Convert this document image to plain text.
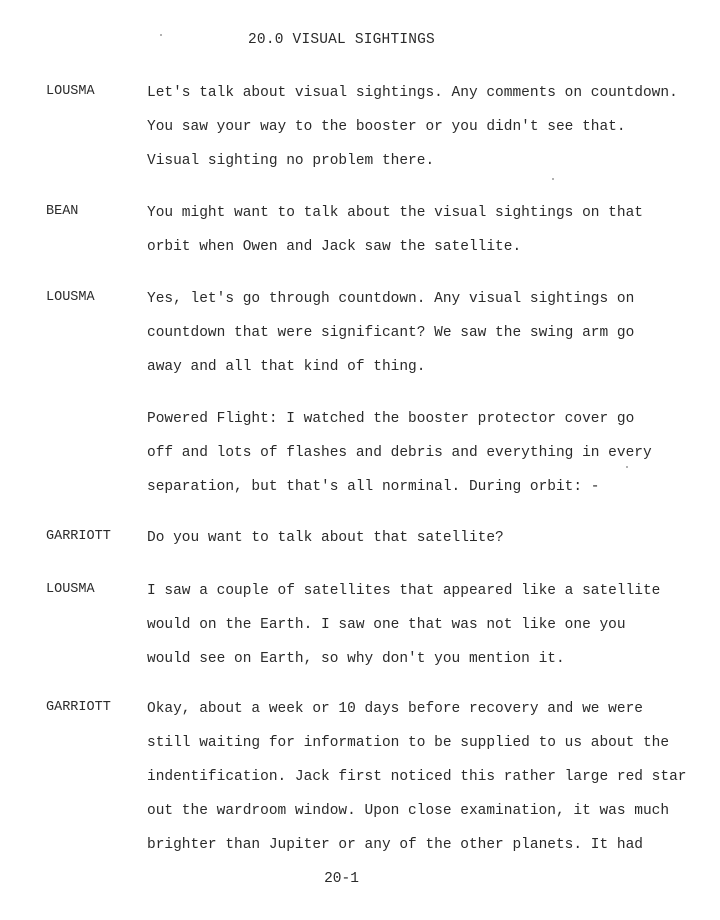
20.0 VISUAL SIGHTINGS
LOUSMA	Let's talk about visual sightings. Any comments on countdown.
You saw your way to the booster or you didn't see that.
Visual sighting no problem there.
BEAN	You might want to talk about the visual sightings on that
orbit when Owen and Jack saw the satellite.
LOUSMA	Yes, let's go through countdown. Any visual sightings on
countdown that were significant? We saw the swing arm go
away and all that kind of thing.
Powered Flight: I watched the booster protector cover go
off and lots of flashes and debris and everything in every
separation, but that's all norminal. During orbit: -
GARRIOTT	Do you want to talk about that satellite?
LOUSMA	I saw a couple of satellites that appeared like a satellite
would on the Earth. I saw one that was not like one you
would see on Earth, so why don't you mention it.
GARRIOTT	Okay, about a week or 10 days before recovery and we were
still waiting for information to be supplied to us about the
indentification. Jack first noticed this rather large red star
out the wardroom window. Upon close examination, it was much
brighter than Jupiter or any of the other planets. It had
20-1
